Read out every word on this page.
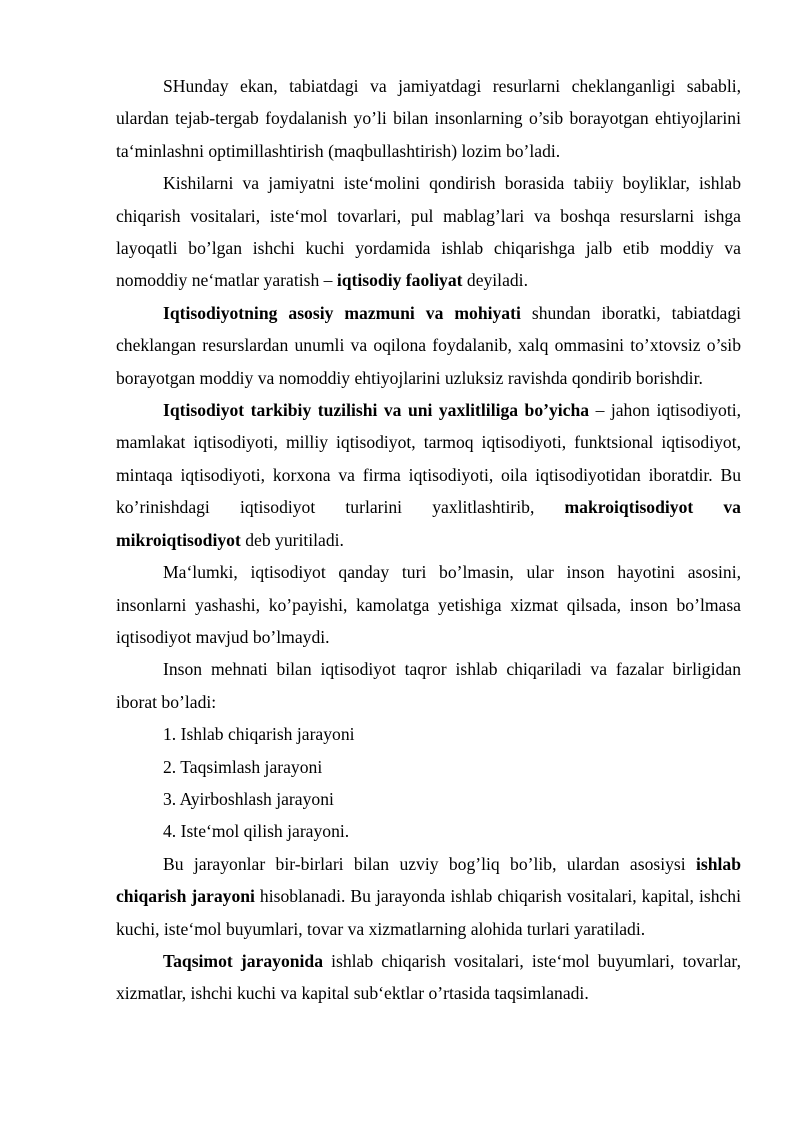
SHunday ekan, tabiatdagi va jamiyatdagi resurlarni cheklanganligi sababli, ulardan tejab-tergab foydalanish yo’li bilan insonlarning o’sib borayotgan ehtiyojlarini ta‘minlashni optimillashtirish (maqbullashtirish) lozim bo’ladi.

Kishilarni va jamiyatni iste‘molini qondirish borasida tabiiy boyliklar, ishlab chiqarish vositalari, iste‘mol tovarlari, pul mablag’lari va boshqa resurslarni ishga layoqatli bo’lgan ishchi kuchi yordamida ishlab chiqarishga jalb etib moddiy va nomoddiy ne‘matlar yaratish – iqtisodiy faoliyat deyiladi.

Iqtisodiyotning asosiy mazmuni va mohiyati shundan iboratki, tabiatdagi cheklangan resurslardan unumli va oqilona foydalanib, xalq ommasini to’xtovsiz o’sib borayotgan moddiy va nomoddiy ehtiyojlarini uzluksiz ravishda qondirib borishdir.

Iqtisodiyot tarkibiy tuzilishi va uni yaxlitliligа bo’yicha – jahon iqtisodiyoti, mamlakat iqtisodiyoti, milliy iqtisodiyot, tarmoq iqtisodiyoti, funktsional iqtisodiyot, mintaqa iqtisodiyoti, korxona va firma iqtisodiyoti, oila iqtisodiyotidan iboratdir. Bu ko’rinishdagi iqtisodiyot turlarini yaxlitlashtirib, makroiqtisodiyot va mikroiqtisodiyot deb yuritiladi.

Ma‘lumki, iqtisodiyot qanday turi bo’lmasin, ular inson hayotini asosini, insonlarni yashashi, ko’payishi, kamolatga yetishiga xizmat qilsada, inson bo’lmasa iqtisodiyot mavjud bo’lmaydi.

Inson mehnati bilan iqtisodiyot taqror ishlab chiqariladi va fazalar birligidan iborat bo’ladi:

1. Ishlab chiqarish jarayoni

2. Taqsimlash jarayoni

3. Ayirboshlash jarayoni

4. Iste‘mol qilish jarayoni.

Bu jarayonlar bir-birlari bilan uzviy bog’liq bo’lib, ulardan asosiysi ishlab chiqarish jarayoni hisoblanadi. Bu jarayonda ishlab chiqarish vositalari, kapital, ishchi kuchi, iste‘mol buyumlari, tovar va xizmatlarning alohida turlari yaratiladi.

Taqsimot jarayonida ishlab chiqarish vositalari, iste‘mol buyumlari, tovarlar, xizmatlar, ishchi kuchi va kapital sub‘ektlar o’rtasida taqsimlanadi.
